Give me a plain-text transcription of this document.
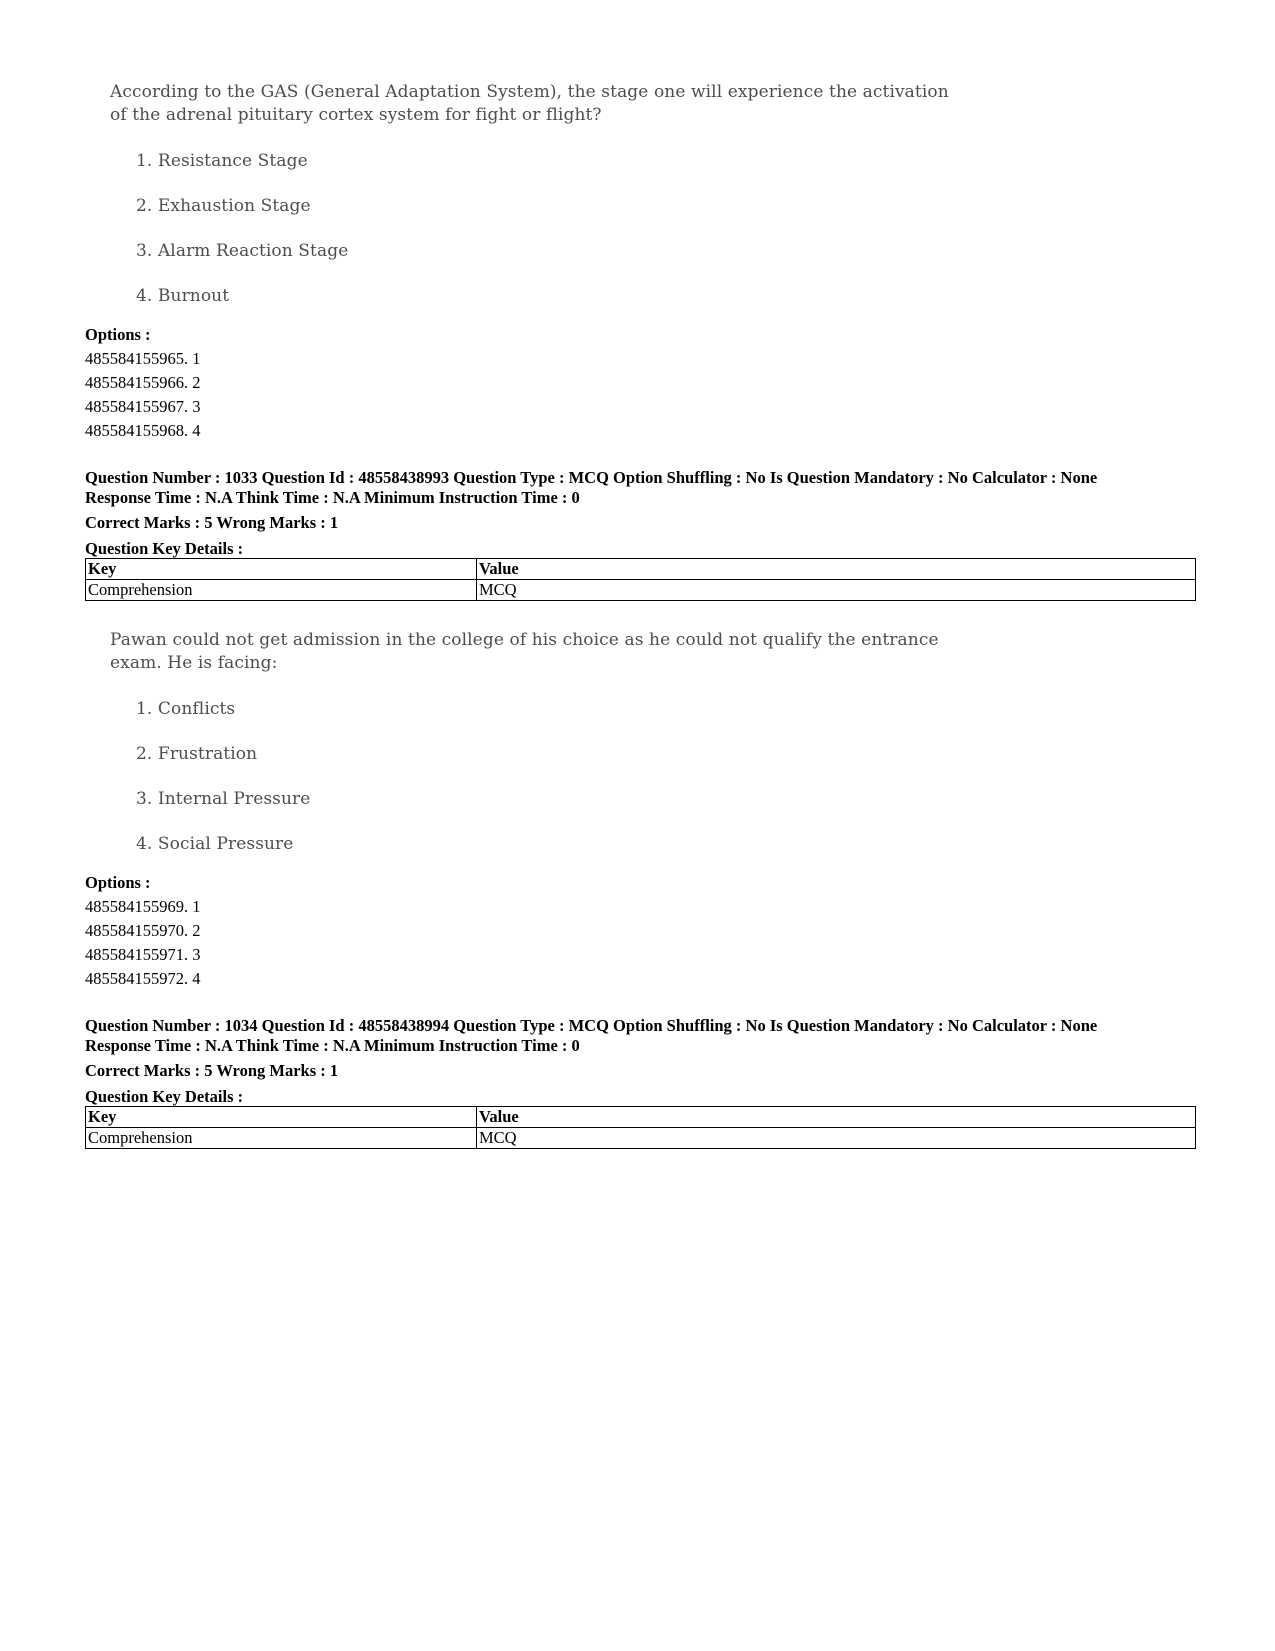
According to the GAS (General Adaptation System), the stage one will experience the activation of the adrenal pituitary cortex system for fight or flight?

1. Resistance Stage

2. Exhaustion Stage

3. Alarm Reaction Stage

4. Burnout

Options :
485584155965. 1
485584155966. 2
485584155967. 3
485584155968. 4
Question Number : 1033 Question Id : 48558438993 Question Type : MCQ Option Shuffling : No Is Question Mandatory : No Calculator : None
Response Time : N.A Think Time : N.A Minimum Instruction Time : 0
Correct Marks : 5 Wrong Marks : 1
Question Key Details :
Key	Value
Comprehension	MCQ

Pawan could not get admission in the college of his choice as he could not qualify the entrance exam. He is facing:

1. Conflicts

2. Frustration

3. Internal Pressure

4. Social Pressure

Options :
485584155969. 1
485584155970. 2
485584155971. 3
485584155972. 4
Question Number : 1034 Question Id : 48558438994 Question Type : MCQ Option Shuffling : No Is Question Mandatory : No Calculator : None
Response Time : N.A Think Time : N.A Minimum Instruction Time : 0
Correct Marks : 5 Wrong Marks : 1
Question Key Details :
Key	Value
Comprehension	MCQ
